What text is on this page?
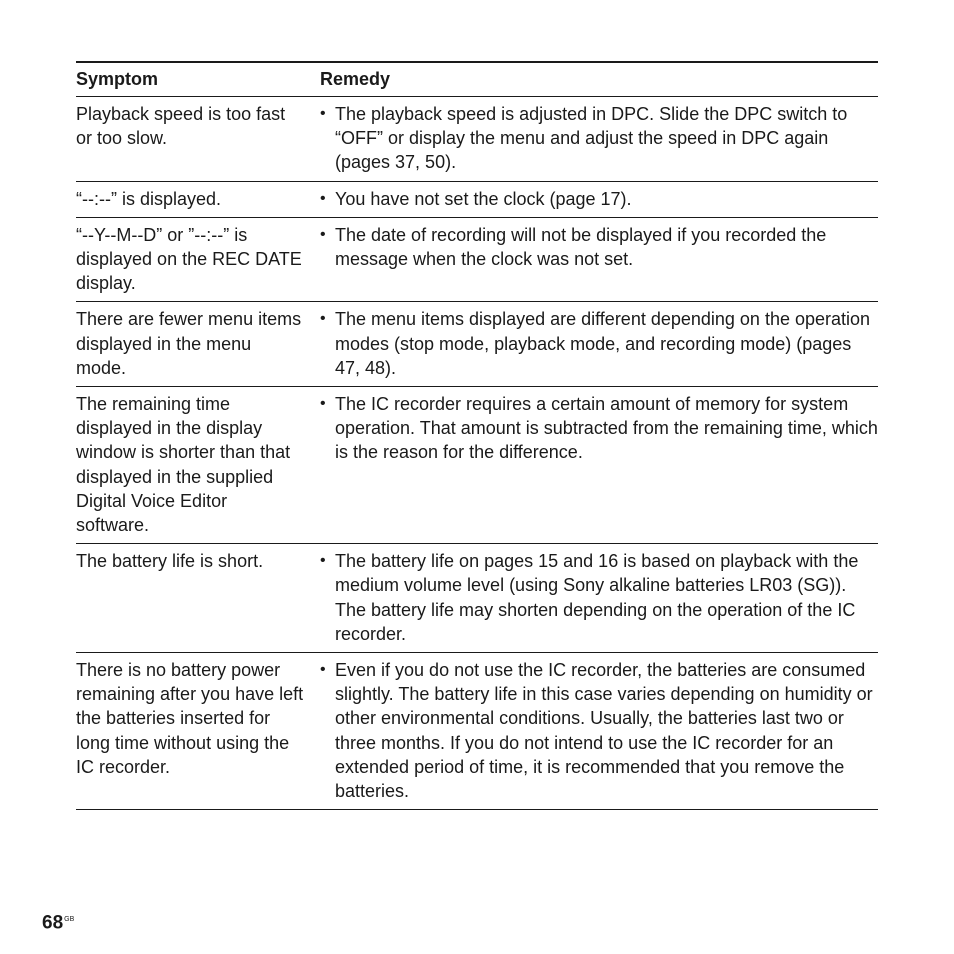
Symptom	Remedy
Playback speed is too fast or too slow.	• The playback speed is adjusted in DPC. Slide the DPC switch to “OFF” or display the menu and adjust the speed in DPC again (pages 37, 50).

“--:--” is displayed.	• You have not set the clock (page 17).

“--Y--M--D” or ”--:--” is displayed on the REC DATE display.	• The date of recording will not be displayed if you recorded the message when the clock was not set.

There are fewer menu items displayed in the menu mode.	• The menu items displayed are different depending on the operation modes (stop mode, playback mode, and recording mode) (pages 47, 48).

The remaining time displayed in the display window is shorter than that displayed in the supplied Digital Voice Editor software.	• The IC recorder requires a certain amount of memory for system operation. That amount is subtracted from the remaining time, which is the reason for the difference.

The battery life is short.	• The battery life on pages 15 and 16 is based on playback with the medium volume level (using Sony alkaline batteries LR03 (SG)). The battery life may shorten depending on the operation of the IC recorder.

There is no battery power remaining after you have left the batteries inserted for long time without using the IC recorder.	• Even if you do not use the IC recorder, the batteries are consumed slightly. The battery life in this case varies depending on humidity or other environmental conditions. Usually, the batteries last two or three months. If you do not intend to use the IC recorder for an extended period of time, it is recommended that you remove the batteries.
$68^{GB}$
